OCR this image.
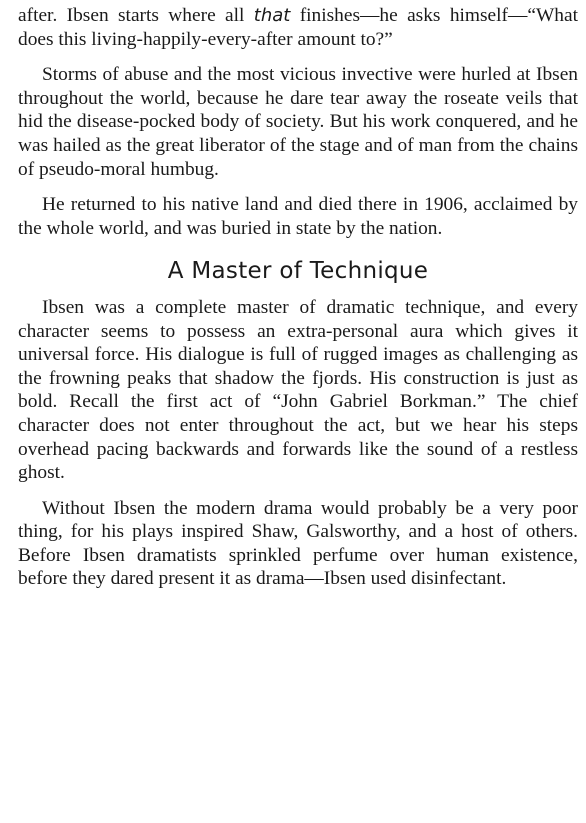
after. Ibsen starts where all that finishes—he asks himself—“What does this living-happily-every-after amount to?”

Storms of abuse and the most vicious invective were hurled at Ibsen throughout the world, because he dare tear away the roseate veils that hid the disease-pocked body of society. But his work conquered, and he was hailed as the great liberator of the stage and of man from the chains of pseudo-moral humbug.

He returned to his native land and died there in 1906, acclaimed by the whole world, and was buried in state by the nation.

A Master of Technique

Ibsen was a complete master of dramatic technique, and every character seems to possess an extra-personal aura which gives it universal force. His dialogue is full of rugged images as challenging as the frowning peaks that shadow the fjords. His construction is just as bold. Recall the first act of “John Gabriel Borkman.” The chief character does not enter throughout the act, but we hear his steps overhead pacing backwards and forwards like the sound of a restless ghost.

Without Ibsen the modern drama would probably be a very poor thing, for his plays inspired Shaw, Galsworthy, and a host of others. Before Ibsen dramatists sprinkled perfume over human existence, before they dared present it as drama—Ibsen used disinfectant.
